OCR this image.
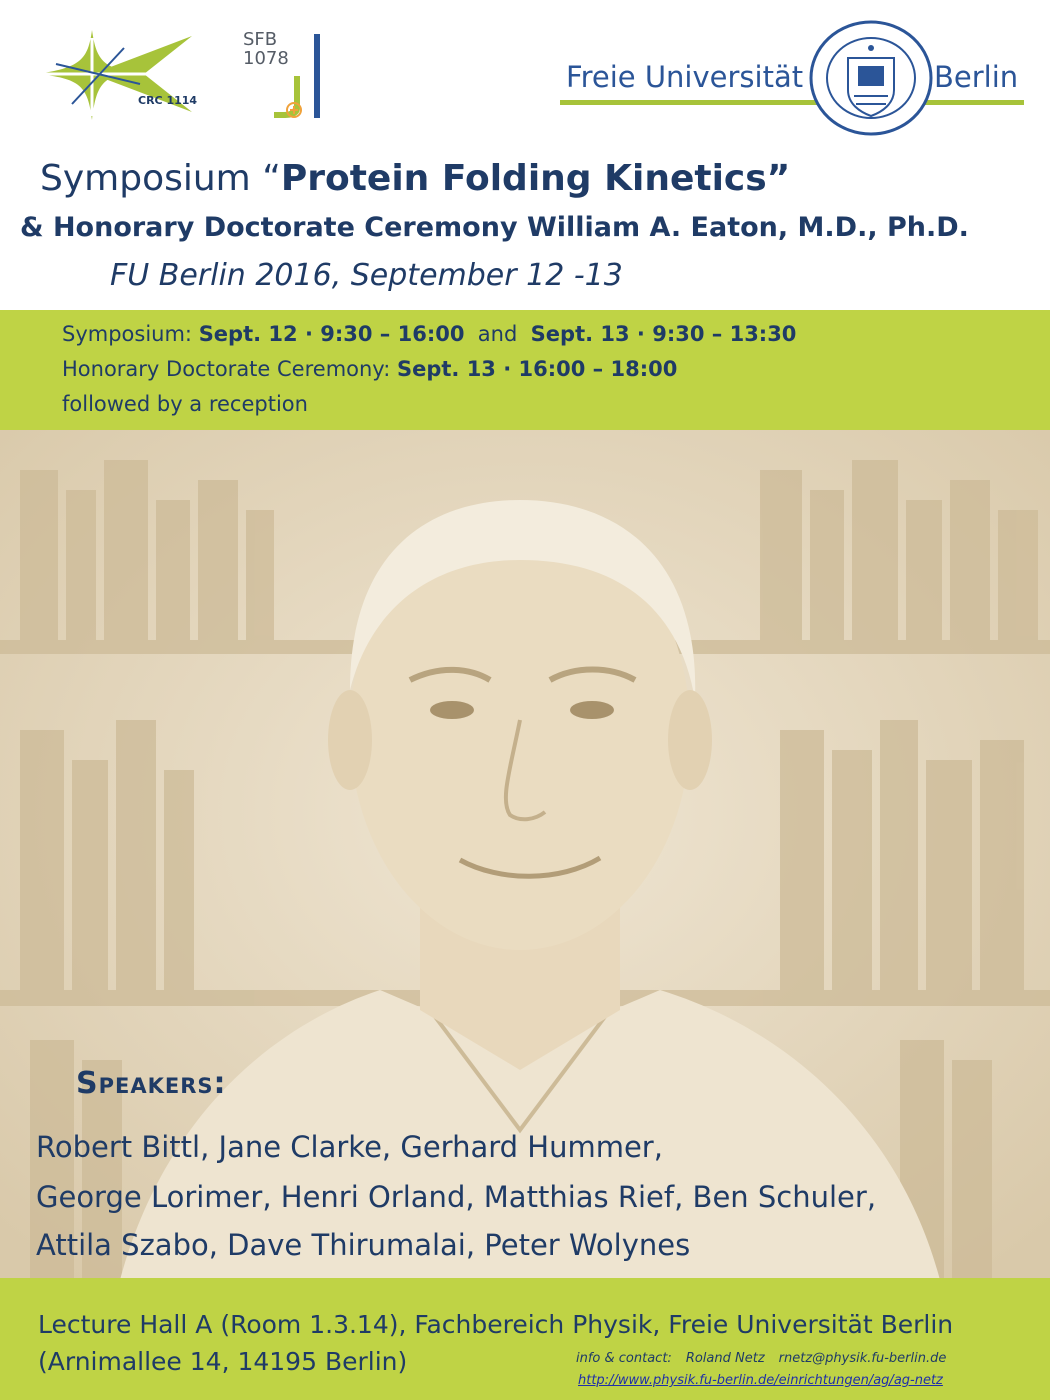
CRC 1114
SFB
1078
Freie Universität	Berlin
Symposium “Protein Folding Kinetics”
& Honorary Doctorate Ceremony William A. Eaton, M.D., Ph.D.
FU Berlin 2016, September 12 -13
Symposium: Sept. 12 · 9:30 – 16:00  and  Sept. 13 · 9:30 – 13:30
Honorary Doctorate Ceremony: Sept. 13 · 16:00 – 18:00
followed by a reception
Speakers:
Robert Bittl, Jane Clarke, Gerhard Hummer,
George Lorimer, Henri Orland, Matthias Rief, Ben Schuler,
Attila Szabo, Dave Thirumalai, Peter Wolynes
Lecture Hall A (Room 1.3.14), Fachbereich Physik, Freie Universität Berlin
(Arnimallee 14, 14195 Berlin)	info & contact: Roland Netz rnetz@physik.fu-berlin.de
http://www.physik.fu-berlin.de/einrichtungen/ag/ag-netz
